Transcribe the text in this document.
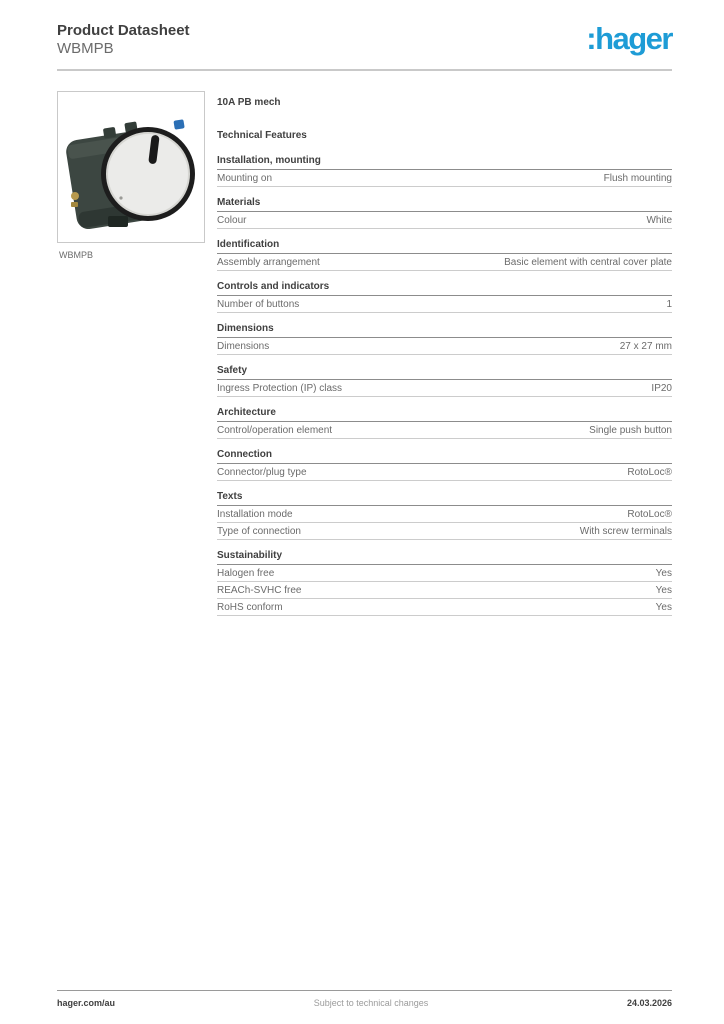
Product Datasheet
WBMPB	:hager
WBMPB
10A PB mech
Technical Features
Installation, mounting
Mounting on	Flush mounting
Materials
Colour	White
Identification
Assembly arrangement	Basic element with central cover plate
Controls and indicators
Number of buttons	1
Dimensions
Dimensions	27 x 27 mm
Safety
Ingress Protection (IP) class	IP20
Architecture
Control/operation element	Single push button
Connection
Connector/plug type	RotoLoc®
Texts
Installation mode	RotoLoc®
Type of connection	With screw terminals
Sustainability
Halogen free	Yes
REACh-SVHC free	Yes
RoHS conform	Yes
hager.com/au	Subject to technical changes	24.03.2026
